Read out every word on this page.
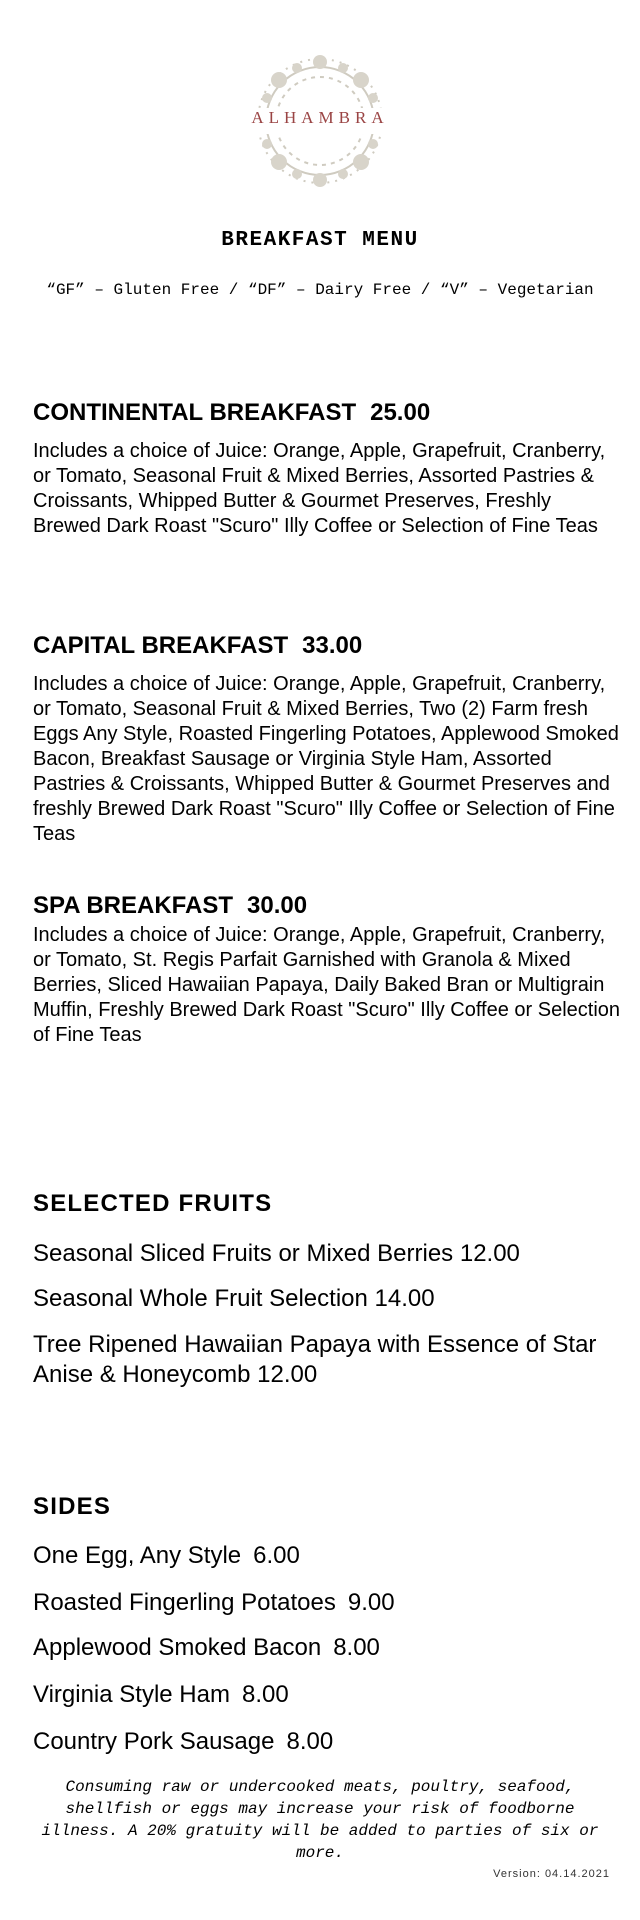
ALHAMBRA
BREAKFAST MENU
“GF” – Gluten Free / “DF” – Dairy Free / “V” – Vegetarian
CONTINENTAL BREAKFAST 25.00
Includes a choice of Juice: Orange, Apple, Grapefruit, Cranberry, or Tomato, Seasonal Fruit & Mixed Berries, Assorted Pastries & Croissants, Whipped Butter & Gourmet Preserves, Freshly Brewed Dark Roast "Scuro" Illy Coffee or Selection of Fine Teas
CAPITAL BREAKFAST 33.00
Includes a choice of Juice: Orange, Apple, Grapefruit, Cranberry, or Tomato, Seasonal Fruit & Mixed Berries, Two (2) Farm fresh Eggs Any Style, Roasted Fingerling Potatoes, Applewood Smoked Bacon, Breakfast Sausage or Virginia Style Ham, Assorted Pastries & Croissants, Whipped Butter & Gourmet Preserves and freshly Brewed Dark Roast "Scuro" Illy Coffee or Selection of Fine Teas
SPA BREAKFAST 30.00
Includes a choice of Juice: Orange, Apple, Grapefruit, Cranberry, or Tomato, St. Regis Parfait Garnished with Granola & Mixed Berries, Sliced Hawaiian Papaya, Daily Baked Bran or Multigrain Muffin, Freshly Brewed Dark Roast "Scuro" Illy Coffee or Selection of Fine Teas
SELECTED FRUITS
Seasonal Sliced Fruits or Mixed Berries 12.00
Seasonal Whole Fruit Selection 14.00
Tree Ripened Hawaiian Papaya with Essence of Star Anise & Honeycomb 12.00
SIDES
One Egg, Any Style 6.00
Roasted Fingerling Potatoes 9.00
Applewood Smoked Bacon 8.00
Virginia Style Ham 8.00
Country Pork Sausage 8.00
Consuming raw or undercooked meats, poultry, seafood, shellfish or eggs may increase your risk of foodborne illness. A 20% gratuity will be added to parties of six or more.
Version: 04.14.2021
